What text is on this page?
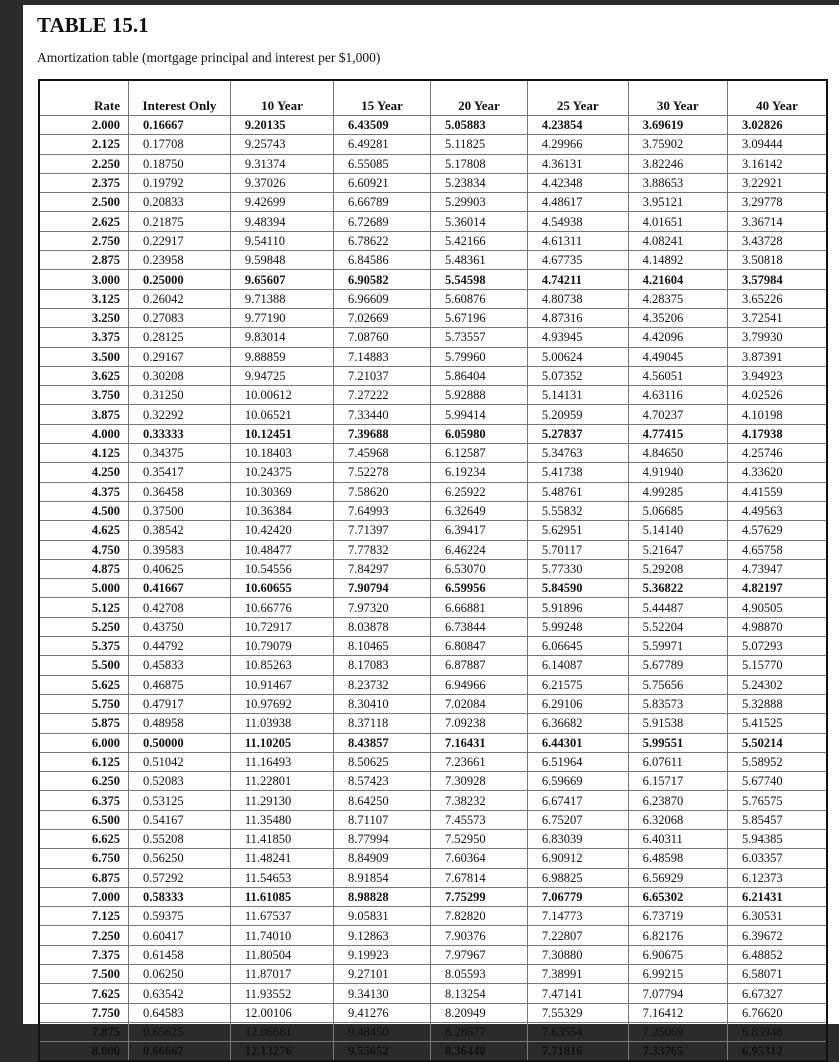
TABLE 15.1
Amortization table (mortgage principal and interest per $1,000)
Rate	Interest Only	10 Year	15 Year	20 Year	25 Year	30 Year	40 Year
2.000	0.16667	9.20135	6.43509	5.05883	4.23854	3.69619	3.02826
2.125	0.17708	9.25743	6.49281	5.11825	4.29966	3.75902	3.09444
2.250	0.18750	9.31374	6.55085	5.17808	4.36131	3.82246	3.16142
2.375	0.19792	9.37026	6.60921	5.23834	4.42348	3.88653	3.22921
2.500	0.20833	9.42699	6.66789	5.29903	4.48617	3.95121	3.29778
2.625	0.21875	9.48394	6.72689	5.36014	4.54938	4.01651	3.36714
2.750	0.22917	9.54110	6.78622	5.42166	4.61311	4.08241	3.43728
2.875	0.23958	9.59848	6.84586	5.48361	4.67735	4.14892	3.50818
3.000	0.25000	9.65607	6.90582	5.54598	4.74211	4.21604	3.57984
3.125	0.26042	9.71388	6.96609	5.60876	4.80738	4.28375	3.65226
3.250	0.27083	9.77190	7.02669	5.67196	4.87316	4.35206	3.72541
3.375	0.28125	9.83014	7.08760	5.73557	4.93945	4.42096	3.79930
3.500	0.29167	9.88859	7.14883	5.79960	5.00624	4.49045	3.87391
3.625	0.30208	9.94725	7.21037	5.86404	5.07352	4.56051	3.94923
3.750	0.31250	10.00612	7.27222	5.92888	5.14131	4.63116	4.02526
3.875	0.32292	10.06521	7.33440	5.99414	5.20959	4.70237	4.10198
4.000	0.33333	10.12451	7.39688	6.05980	5.27837	4.77415	4.17938
4.125	0.34375	10.18403	7.45968	6.12587	5.34763	4.84650	4.25746
4.250	0.35417	10.24375	7.52278	6.19234	5.41738	4.91940	4.33620
4.375	0.36458	10.30369	7.58620	6.25922	5.48761	4.99285	4.41559
4.500	0.37500	10.36384	7.64993	6.32649	5.55832	5.06685	4.49563
4.625	0.38542	10.42420	7.71397	6.39417	5.62951	5.14140	4.57629
4.750	0.39583	10.48477	7.77832	6.46224	5.70117	5.21647	4.65758
4.875	0.40625	10.54556	7.84297	6.53070	5.77330	5.29208	4.73947
5.000	0.41667	10.60655	7.90794	6.59956	5.84590	5.36822	4.82197
5.125	0.42708	10.66776	7.97320	6.66881	5.91896	5.44487	4.90505
5.250	0.43750	10.72917	8.03878	6.73844	5.99248	5.52204	4.98870
5.375	0.44792	10.79079	8.10465	6.80847	6.06645	5.59971	5.07293
5.500	0.45833	10.85263	8.17083	6.87887	6.14087	5.67789	5.15770
5.625	0.46875	10.91467	8.23732	6.94966	6.21575	5.75656	5.24302
5.750	0.47917	10.97692	8.30410	7.02084	6.29106	5.83573	5.32888
5.875	0.48958	11.03938	8.37118	7.09238	6.36682	5.91538	5.41525
6.000	0.50000	11.10205	8.43857	7.16431	6.44301	5.99551	5.50214
6.125	0.51042	11.16493	8.50625	7.23661	6.51964	6.07611	5.58952
6.250	0.52083	11.22801	8.57423	7.30928	6.59669	6.15717	5.67740
6.375	0.53125	11.29130	8.64250	7.38232	6.67417	6.23870	5.76575
6.500	0.54167	11.35480	8.71107	7.45573	6.75207	6.32068	5.85457
6.625	0.55208	11.41850	8.77994	7.52950	6.83039	6.40311	5.94385
6.750	0.56250	11.48241	8.84909	7.60364	6.90912	6.48598	6.03357
6.875	0.57292	11.54653	8.91854	7.67814	6.98825	6.56929	6.12373
7.000	0.58333	11.61085	8.98828	7.75299	7.06779	6.65302	6.21431
7.125	0.59375	11.67537	9.05831	7.82820	7.14773	6.73719	6.30531
7.250	0.60417	11.74010	9.12863	7.90376	7.22807	6.82176	6.39672
7.375	0.61458	11.80504	9.19923	7.97967	7.30880	6.90675	6.48852
7.500	0.06250	11.87017	9.27101	8.05593	7.38991	6.99215	6.58071
7.625	0.63542	11.93552	9.34130	8.13254	7.47141	7.07794	6.67327
7.750	0.64583	12.00106	9.41276	8.20949	7.55329	7.16412	6.76620
7.875	0.65625	12.06681	9.48450	8.28677	7.63554	7.25069	6.85948
8.000	0.66667	12.13276	9.55652	8.36440	7.71816	7.33765	6.95312
